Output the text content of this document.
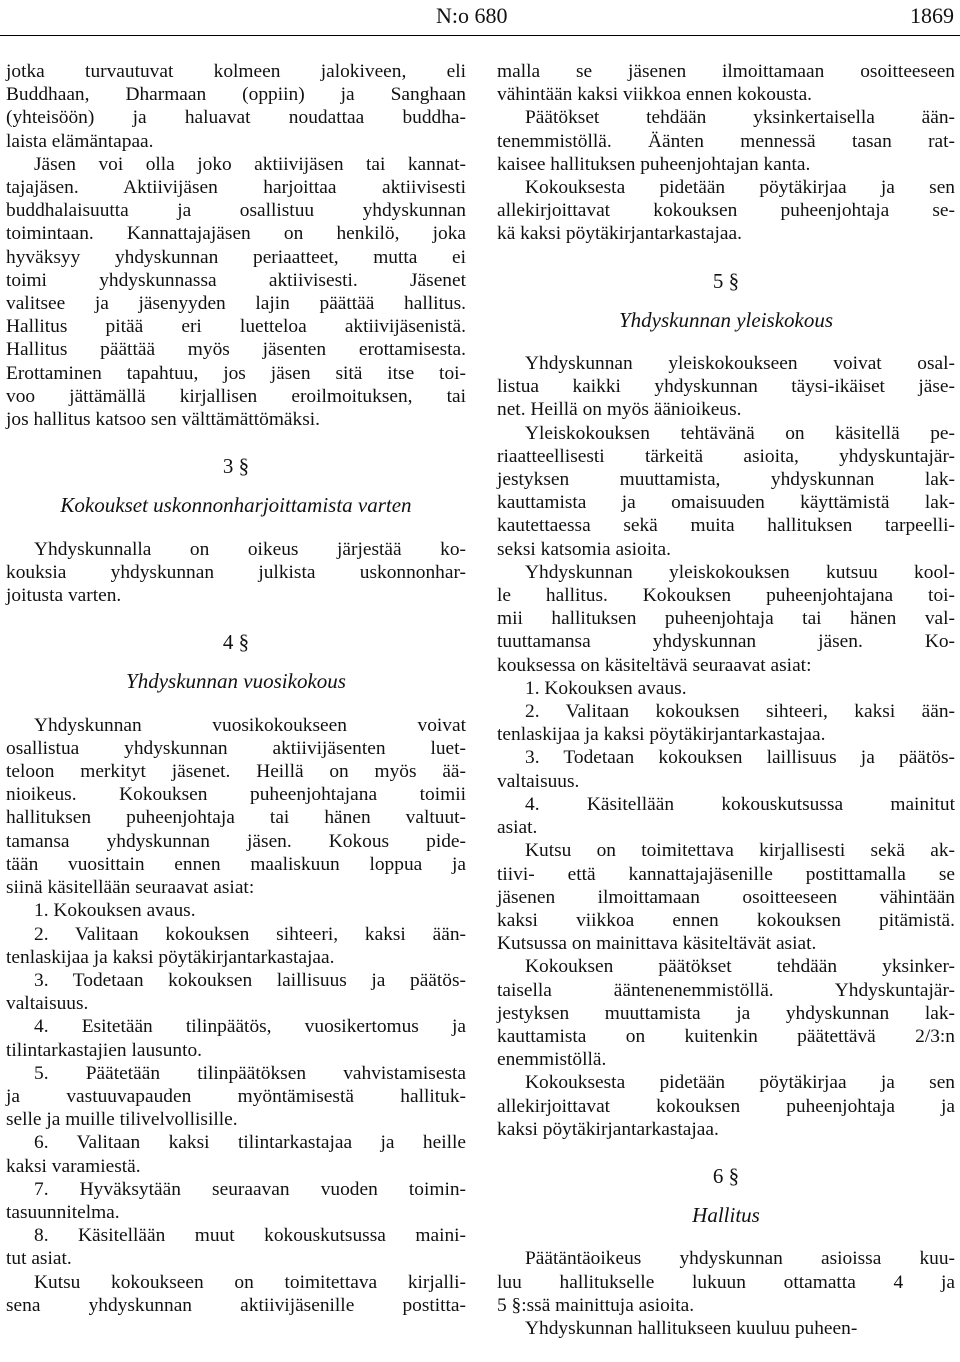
N:o 680	1869
jotka turvautuvat kolmeen jalokiveen, eli
Buddhaan, Dharmaan (oppiin) ja Sanghaan
(yhteisöön) ja haluavat noudattaa buddha-
laista elämäntapaa.
Jäsen voi olla joko aktiivijäsen tai kannat-
tajajäsen. Aktiivijäsen harjoittaa aktiivisesti
buddhalaisuutta ja osallistuu yhdyskunnan
toimintaan. Kannattajajäsen on henkilö, joka
hyväksyy yhdyskunnan periaatteet, mutta ei
toimi yhdyskunnassa aktiivisesti. Jäsenet
valitsee ja jäsenyyden lajin päättää hallitus.
Hallitus pitää eri luetteloa aktiivijäsenistä.
Hallitus päättää myös jäsenten erottamisesta.
Erottaminen tapahtuu, jos jäsen sitä itse toi-
voo jättämällä kirjallisen eroilmoituksen, tai
jos hallitus katsoo sen välttämättömäksi.
3 §
Kokoukset uskonnonharjoittamista varten
Yhdyskunnalla on oikeus järjestää ko-
kouksia yhdyskunnan julkista uskonnonhar-
joitusta varten.
4 §
Yhdyskunnan vuosikokous
Yhdyskunnan vuosikokoukseen voivat
osallistua yhdyskunnan aktiivijäsenten luet-
teloon merkityt jäsenet. Heillä on myös ää-
nioikeus. Kokouksen puheenjohtajana toimii
hallituksen puheenjohtaja tai hänen valtuut-
tamansa yhdyskunnan jäsen. Kokous pide-
tään vuosittain ennen maaliskuun loppua ja
siinä käsitellään seuraavat asiat:
1. Kokouksen avaus.
2. Valitaan kokouksen sihteeri, kaksi ään-
tenlaskijaa ja kaksi pöytäkirjantarkastajaa.
3. Todetaan kokouksen laillisuus ja päätös-
valtaisuus.
4. Esitetään tilinpäätös, vuosikertomus ja
tilintarkastajien lausunto.
5. Päätetään tilinpäätöksen vahvistamisesta
ja vastuuvapauden myöntämisestä hallituk-
selle ja muille tilivelvollisille.
6. Valitaan kaksi tilintarkastajaa ja heille
kaksi varamiestä.
7. Hyväksytään seuraavan vuoden toimin-
tasuunnitelma.
8. Käsitellään muut kokouskutsussa maini-
tut asiat.
Kutsu kokoukseen on toimitettava kirjalli-
sena yhdyskunnan aktiivijäsenille postitta-
malla se jäsenen ilmoittamaan osoitteeseen
vähintään kaksi viikkoa ennen kokousta.
Päätökset tehdään yksinkertaisella ään-
tenemmistöllä. Äänten mennessä tasan rat-
kaisee hallituksen puheenjohtajan kanta.
Kokouksesta pidetään pöytäkirjaa ja sen
allekirjoittavat kokouksen puheenjohtaja se-
kä kaksi pöytäkirjantarkastajaa.
5 §
Yhdyskunnan yleiskokous
Yhdyskunnan yleiskokoukseen voivat osal-
listua kaikki yhdyskunnan täysi-ikäiset jäse-
net. Heillä on myös äänioikeus.
Yleiskokouksen tehtävänä on käsitellä pe-
riaatteellisesti tärkeitä asioita, yhdyskuntajär-
jestyksen muuttamista, yhdyskunnan lak-
kauttamista ja omaisuuden käyttämistä lak-
kautettaessa sekä muita hallituksen tarpeelli-
seksi katsomia asioita.
Yhdyskunnan yleiskokouksen kutsuu kool-
le hallitus. Kokouksen puheenjohtajana toi-
mii hallituksen puheenjohtaja tai hänen val-
tuuttamansa yhdyskunnan jäsen. Ko-
kouksessa on käsiteltävä seuraavat asiat:
1. Kokouksen avaus.
2. Valitaan kokouksen sihteeri, kaksi ään-
tenlaskijaa ja kaksi pöytäkirjantarkastajaa.
3. Todetaan kokouksen laillisuus ja päätös-
valtaisuus.
4. Käsitellään kokouskutsussa mainitut
asiat.
Kutsu on toimitettava kirjallisesti sekä ak-
tiivi- että kannattajajäsenille postittamalla se
jäsenen ilmoittamaan osoitteeseen vähintään
kaksi viikkoa ennen kokouksen pitämistä.
Kutsussa on mainittava käsiteltävät asiat.
Kokouksen päätökset tehdään yksinker-
taisella ääntenenemmistöllä. Yhdyskuntajär-
jestyksen muuttamista ja yhdyskunnan lak-
kauttamista on kuitenkin päätettävä 2/3:n
enemmistöllä.
Kokouksesta pidetään pöytäkirjaa ja sen
allekirjoittavat kokouksen puheenjohtaja ja
kaksi pöytäkirjantarkastajaa.
6 §
Hallitus
Päätäntäoikeus yhdyskunnan asioissa kuu-
luu hallitukselle lukuun ottamatta 4 ja
5 §:ssä mainittuja asioita.
Yhdyskunnan hallitukseen kuuluu puheen-
